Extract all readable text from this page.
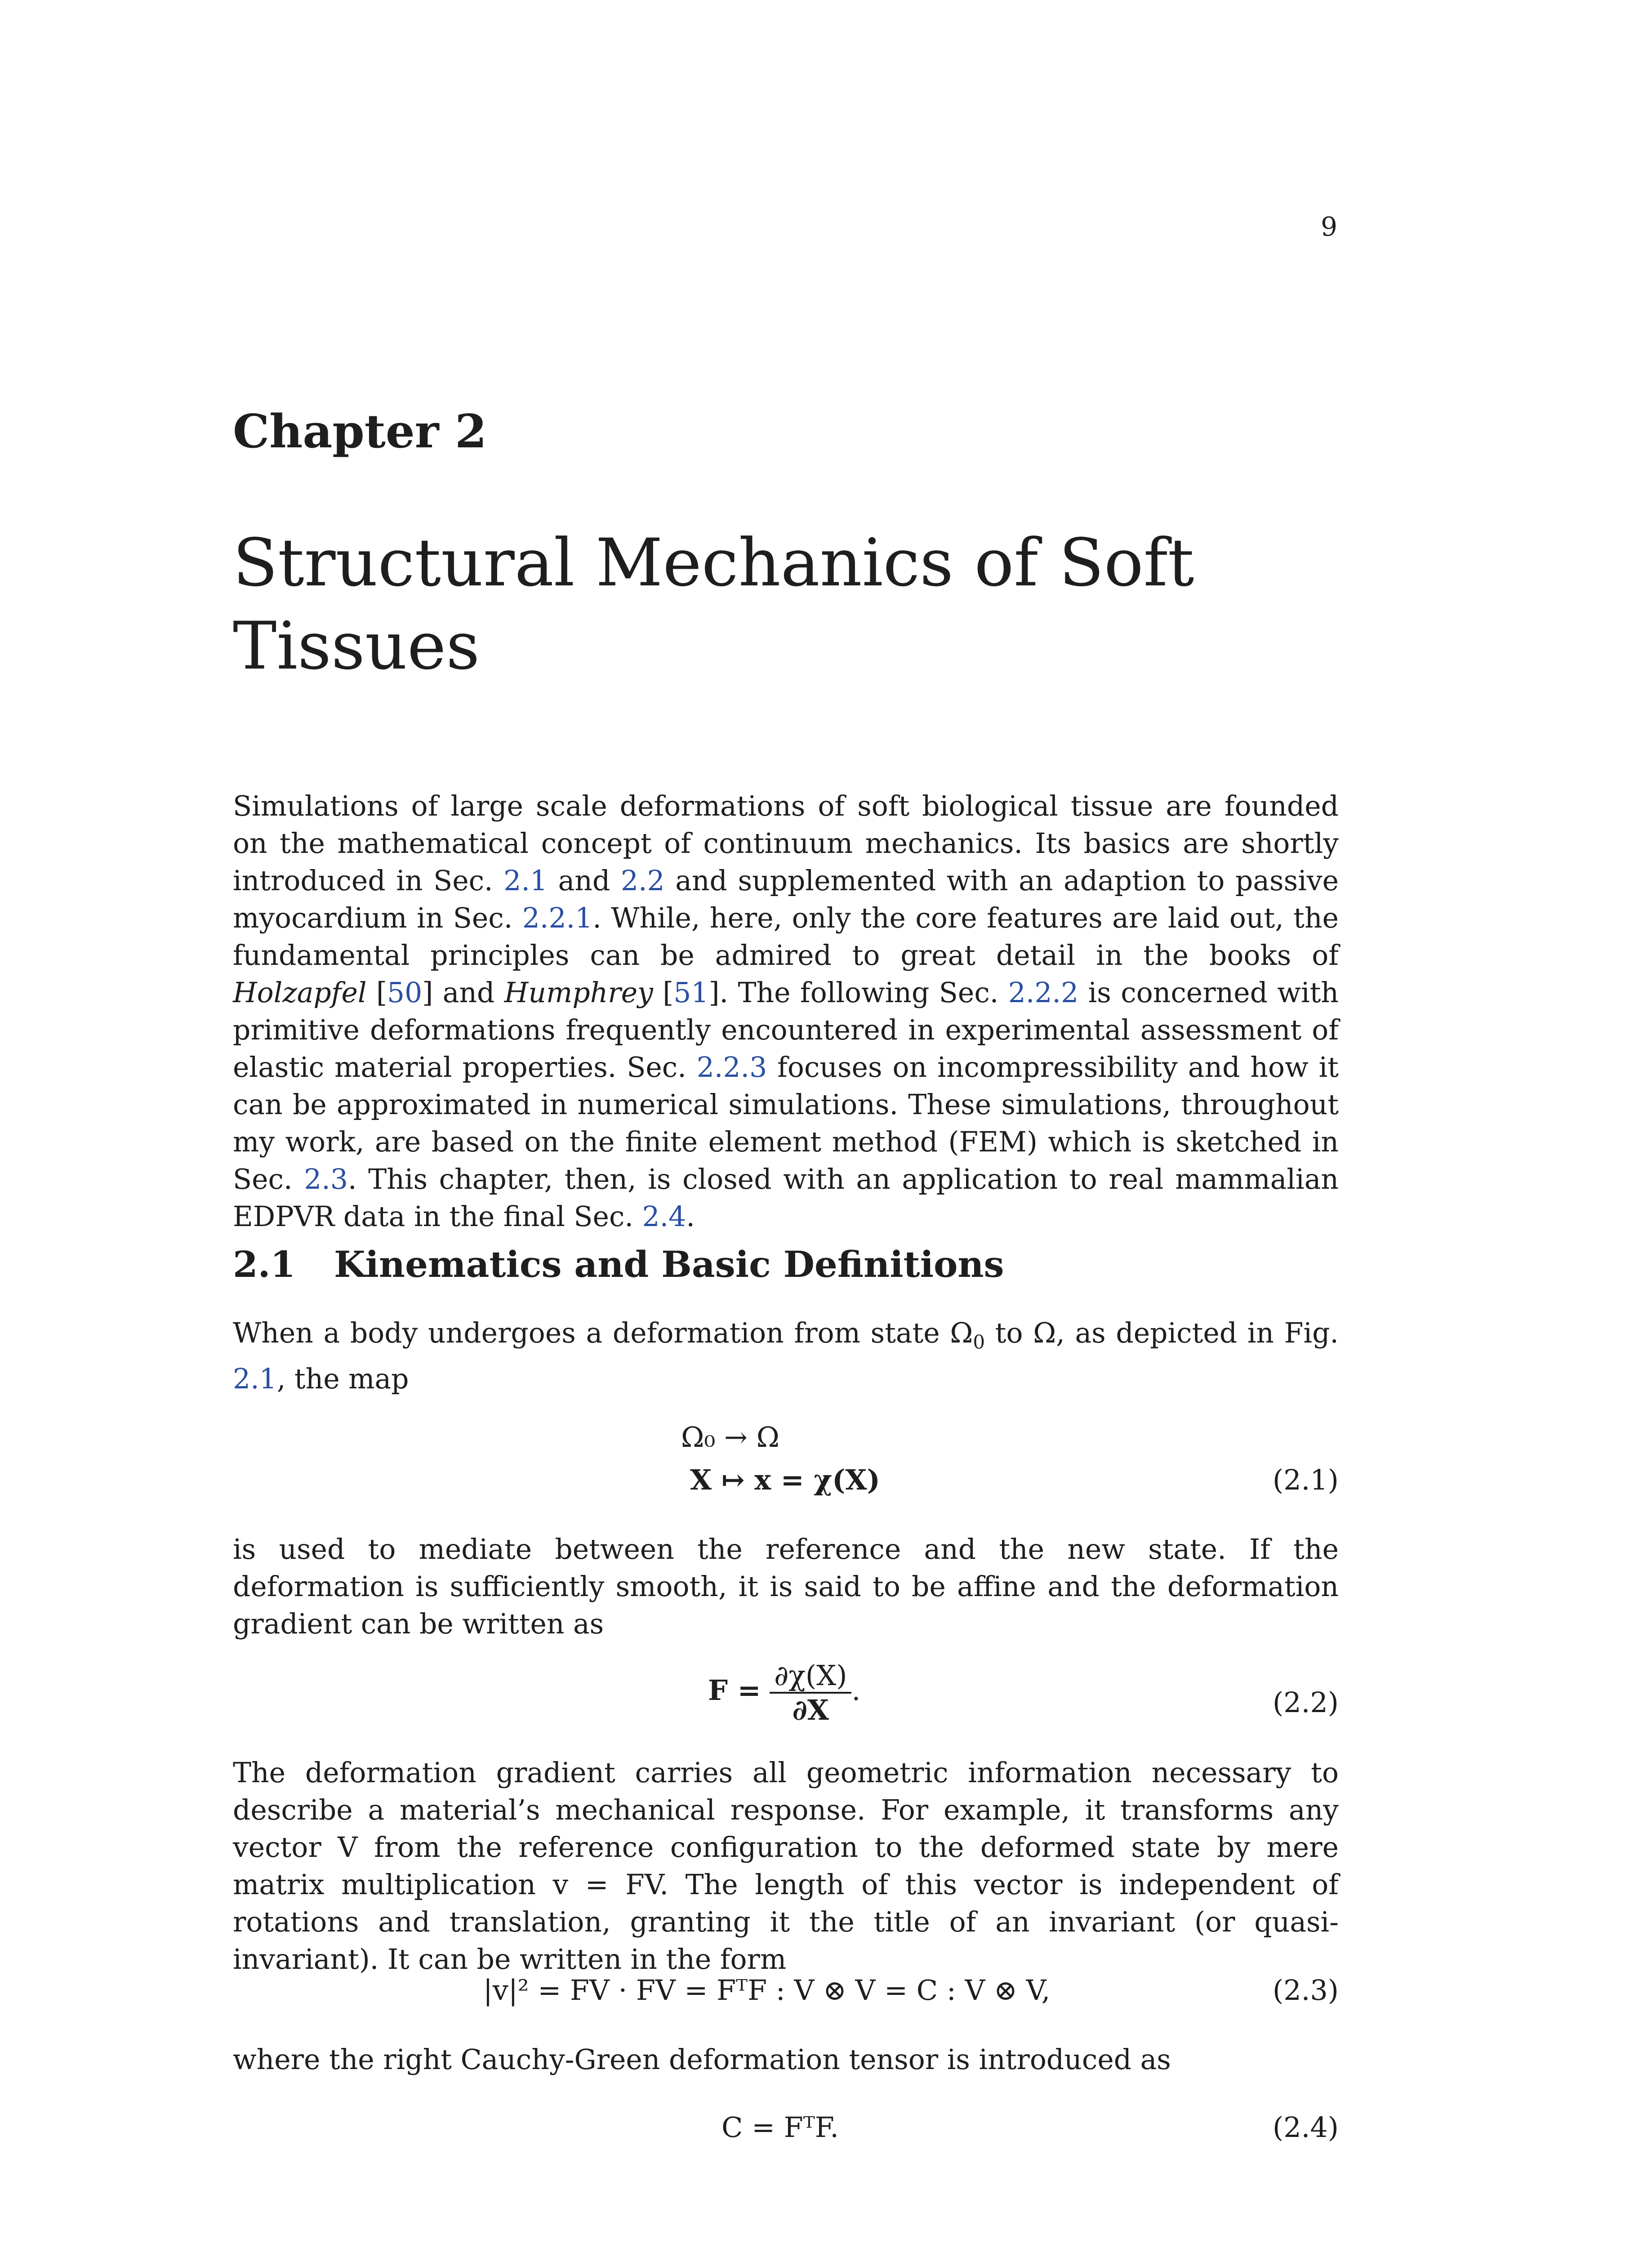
9
Chapter 2
Structural Mechanics of Soft Tissues

Simulations of large scale deformations of soft biological tissue are founded on the mathematical concept of continuum mechanics. Its basics are shortly introduced in Sec. 2.1 and 2.2 and supplemented with an adaption to passive myocardium in Sec. 2.2.1. While, here, only the core features are laid out, the fundamental principles can be admired to great detail in the books of Holzapfel [50] and Humphrey [51]. The following Sec. 2.2.2 is concerned with primitive deformations frequently encountered in experimental assessment of elastic material properties. Sec. 2.2.3 focuses on incompressibility and how it can be approximated in numerical simulations. These simulations, throughout my work, are based on the finite element method (FEM) which is sketched in Sec. 2.3. This chapter, then, is closed with an application to real mammalian EDPVR data in the final Sec. 2.4.

2.1 Kinematics and Basic Definitions

When a body undergoes a deformation from state $\Omega_0$ to Ω, as depicted in Fig. 2.1, the map

Ω₀ → Ω
X ↦ x = χ(X)	(2.1)

is used to mediate between the reference and the new state. If the deformation is sufficiently smooth, it is said to be affine and the deformation gradient can be written as

$F = \frac{\partial\chi(X)}{\partial X}$ .	(2.2)

The deformation gradient carries all geometric information necessary to describe a material’s mechanical response. For example, it transforms any vector V from the reference configuration to the deformed state by mere matrix multiplication v = FV. The length of this vector is independent of rotations and translation, granting it the title of an invariant (or quasi-invariant). It can be written in the form

|v|² = FV · FV = FᵀF : V ⊗ V = C : V ⊗ V,	(2.3)

where the right Cauchy-Green deformation tensor is introduced as

C = FᵀF.	(2.4)
